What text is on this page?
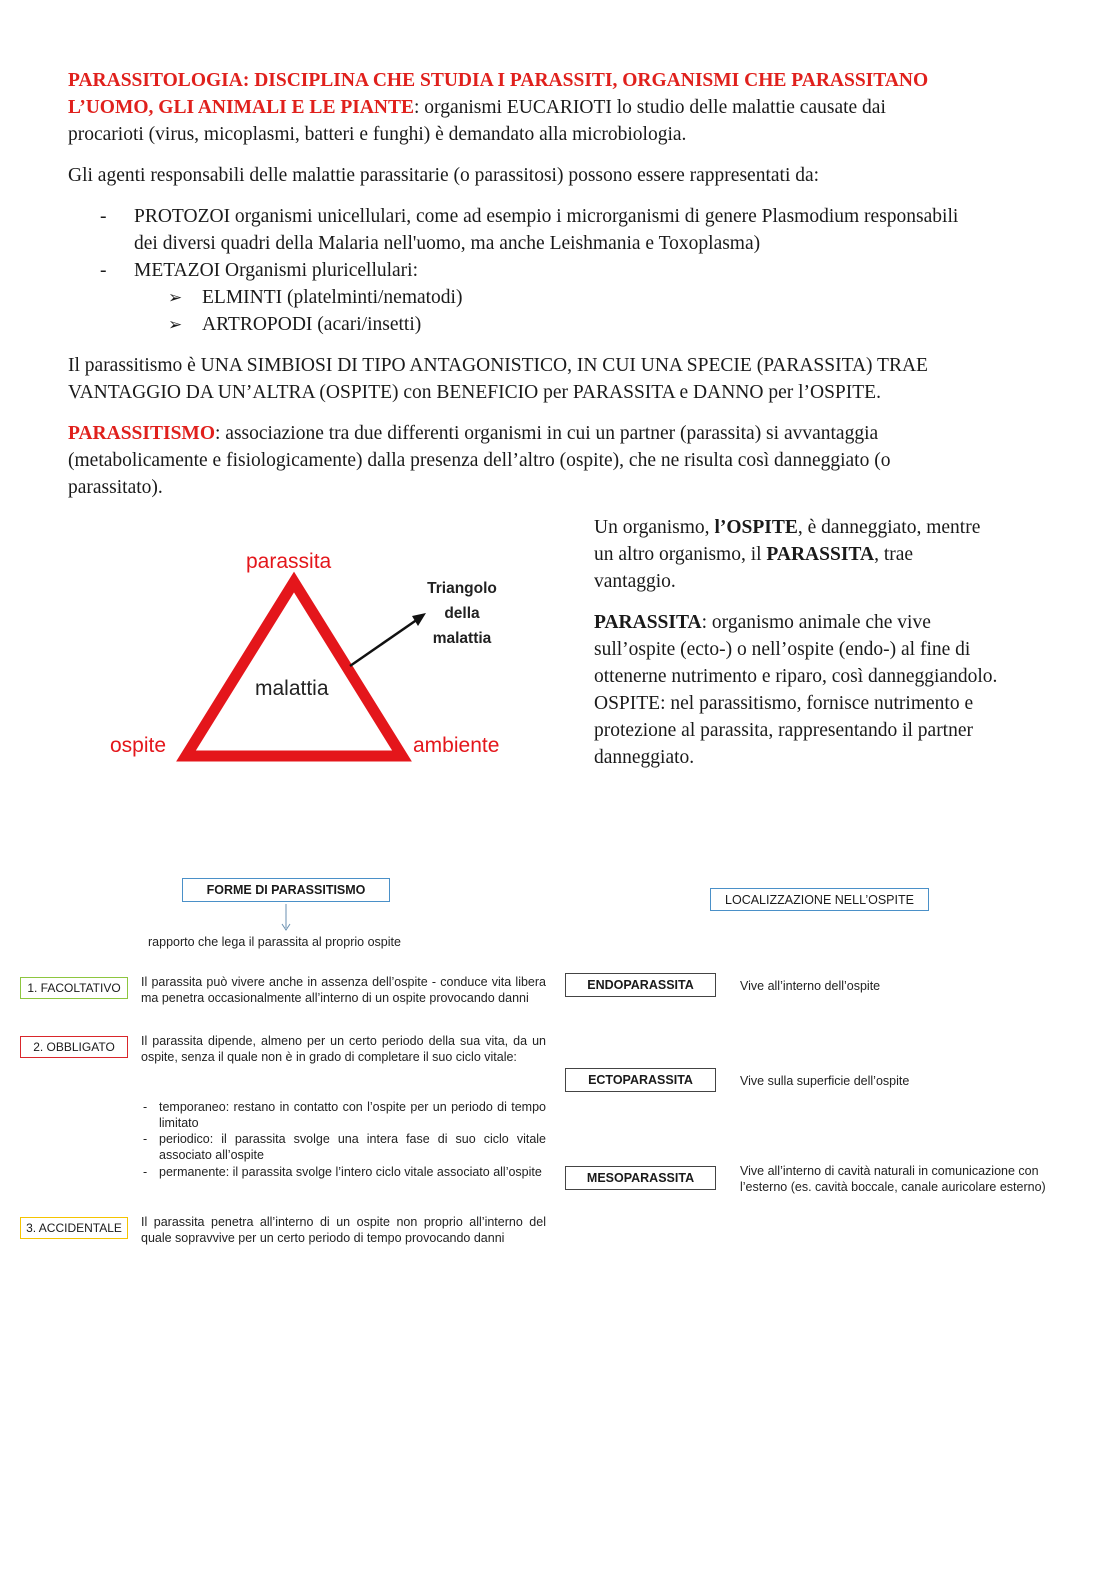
PARASSITOLOGIA: DISCIPLINA CHE STUDIA I PARASSITI, ORGANISMI CHE PARASSITANO

L’UOMO, GLI ANIMALI E LE PIANTE: organismi EUCARIOTI lo studio delle malattie causate dai

procarioti (virus, micoplasmi, batteri e funghi) è demandato alla microbiologia.

Gli agenti responsabili delle malattie parassitarie (o parassitosi) possono essere rappresentati da:

- PROTOZOI organismi unicellulari, come ad esempio i microrganismi di genere Plasmodium responsabili

dei diversi quadri della Malaria nell'uomo, ma anche Leishmania e Toxoplasma)

- METAZOI Organismi pluricellulari:

➢ ELMINTI (platelminti/nematodi)

➢ ARTROPODI (acari/insetti)

Il parassitismo è UNA SIMBIOSI DI TIPO ANTAGONISTICO, IN CUI UNA SPECIE (PARASSITA) TRAE

VANTAGGIO DA UN’ALTRA (OSPITE) con BENEFICIO per PARASSITA e DANNO per l’OSPITE.

PARASSITISMO: associazione tra due differenti organismi in cui un partner (parassita) si avvantaggia

(metabolicamente e fisiologicamente) dalla presenza dell’altro (ospite), che ne risulta così danneggiato (o

parassitato).

parassita
ospite	ambiente
malattia
Triangolo
della
malattia

Un organismo, l’OSPITE, è danneggiato, mentre

un altro organismo, il PARASSITA, trae

vantaggio.

PARASSITA: organismo animale che vive

sull’ospite (ecto-) o nell’ospite (endo-) al fine di

ottenerne nutrimento e riparo, così danneggiandolo.

OSPITE: nel parassitismo, fornisce nutrimento e

protezione al parassita, rappresentando il partner

danneggiato.

FORME DI PARASSITISMO
rapporto che lega il parassita al proprio ospite
1. FACOLTATIVO Il parassita può vivere anche in assenza dell’ospite - conduce vita libera ma penetra occasionalmente all’interno di un ospite provocando danni

2. OBBLIGATO Il parassita dipende, almeno per un certo periodo della sua vita, da un ospite, senza il quale non è in grado di completare il suo ciclo vitale:

- temporaneo: restano in contatto con l’ospite per un periodo di tempo limitato

- periodico: il parassita svolge una intera fase di suo ciclo vitale associato all’ospite

- permanente: il parassita svolge l’intero ciclo vitale associato all’ospite

3. ACCIDENTALE Il parassita penetra all’interno di un ospite non proprio all’interno del quale sopravvive per un certo periodo di tempo provocando danni

LOCALIZZAZIONE NELL’OSPITE
ENDOPARASSITA	Vive all’interno dell’ospite

ECTOPARASSITA	Vive sulla superficie dell’ospite

MESOPARASSITA	Vive all’interno di cavità naturali in comunicazione con l’esterno (es. cavità boccale, canale auricolare esterno)
